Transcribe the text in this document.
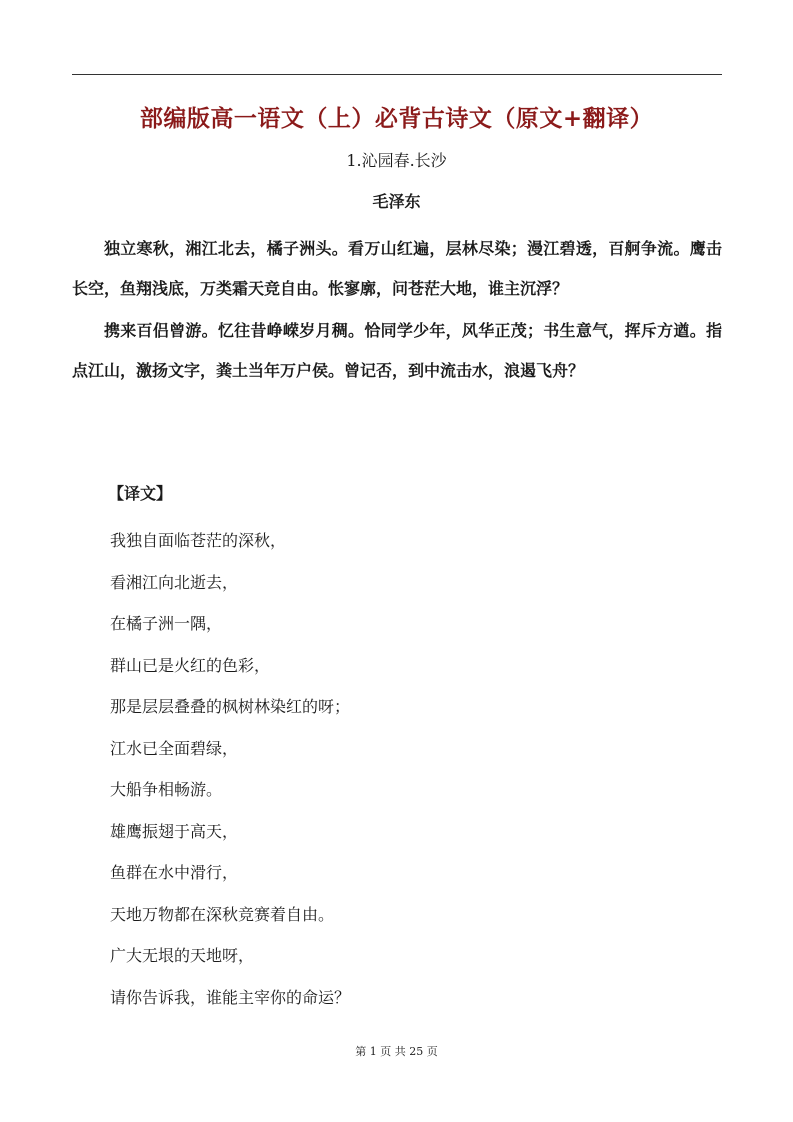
部编版高一语文（上）必背古诗文（原文+翻译）
1.沁园春.长沙
毛泽东

独立寒秋，湘江北去，橘子洲头。看万山红遍，层林尽染；漫江碧透，百舸争流。鹰击长空，鱼翔浅底，万类霜天竞自由。怅寥廓，问苍茫大地，谁主沉浮？

携来百侣曾游。忆往昔峥嵘岁月稠。恰同学少年，风华正茂；书生意气，挥斥方遒。指点江山，激扬文字，粪土当年万户侯。曾记否，到中流击水，浪遏飞舟？

【译文】
我独自面临苍茫的深秋，
看湘江向北逝去，
在橘子洲一隅，
群山已是火红的色彩，
那是层层叠叠的枫树林染红的呀；
江水已全面碧绿，
大船争相畅游。
雄鹰振翅于高天，
鱼群在水中滑行，
天地万物都在深秋竞赛着自由。
广大无垠的天地呀，
请你告诉我，谁能主宰你的命运？
第 1 页 共 25 页
